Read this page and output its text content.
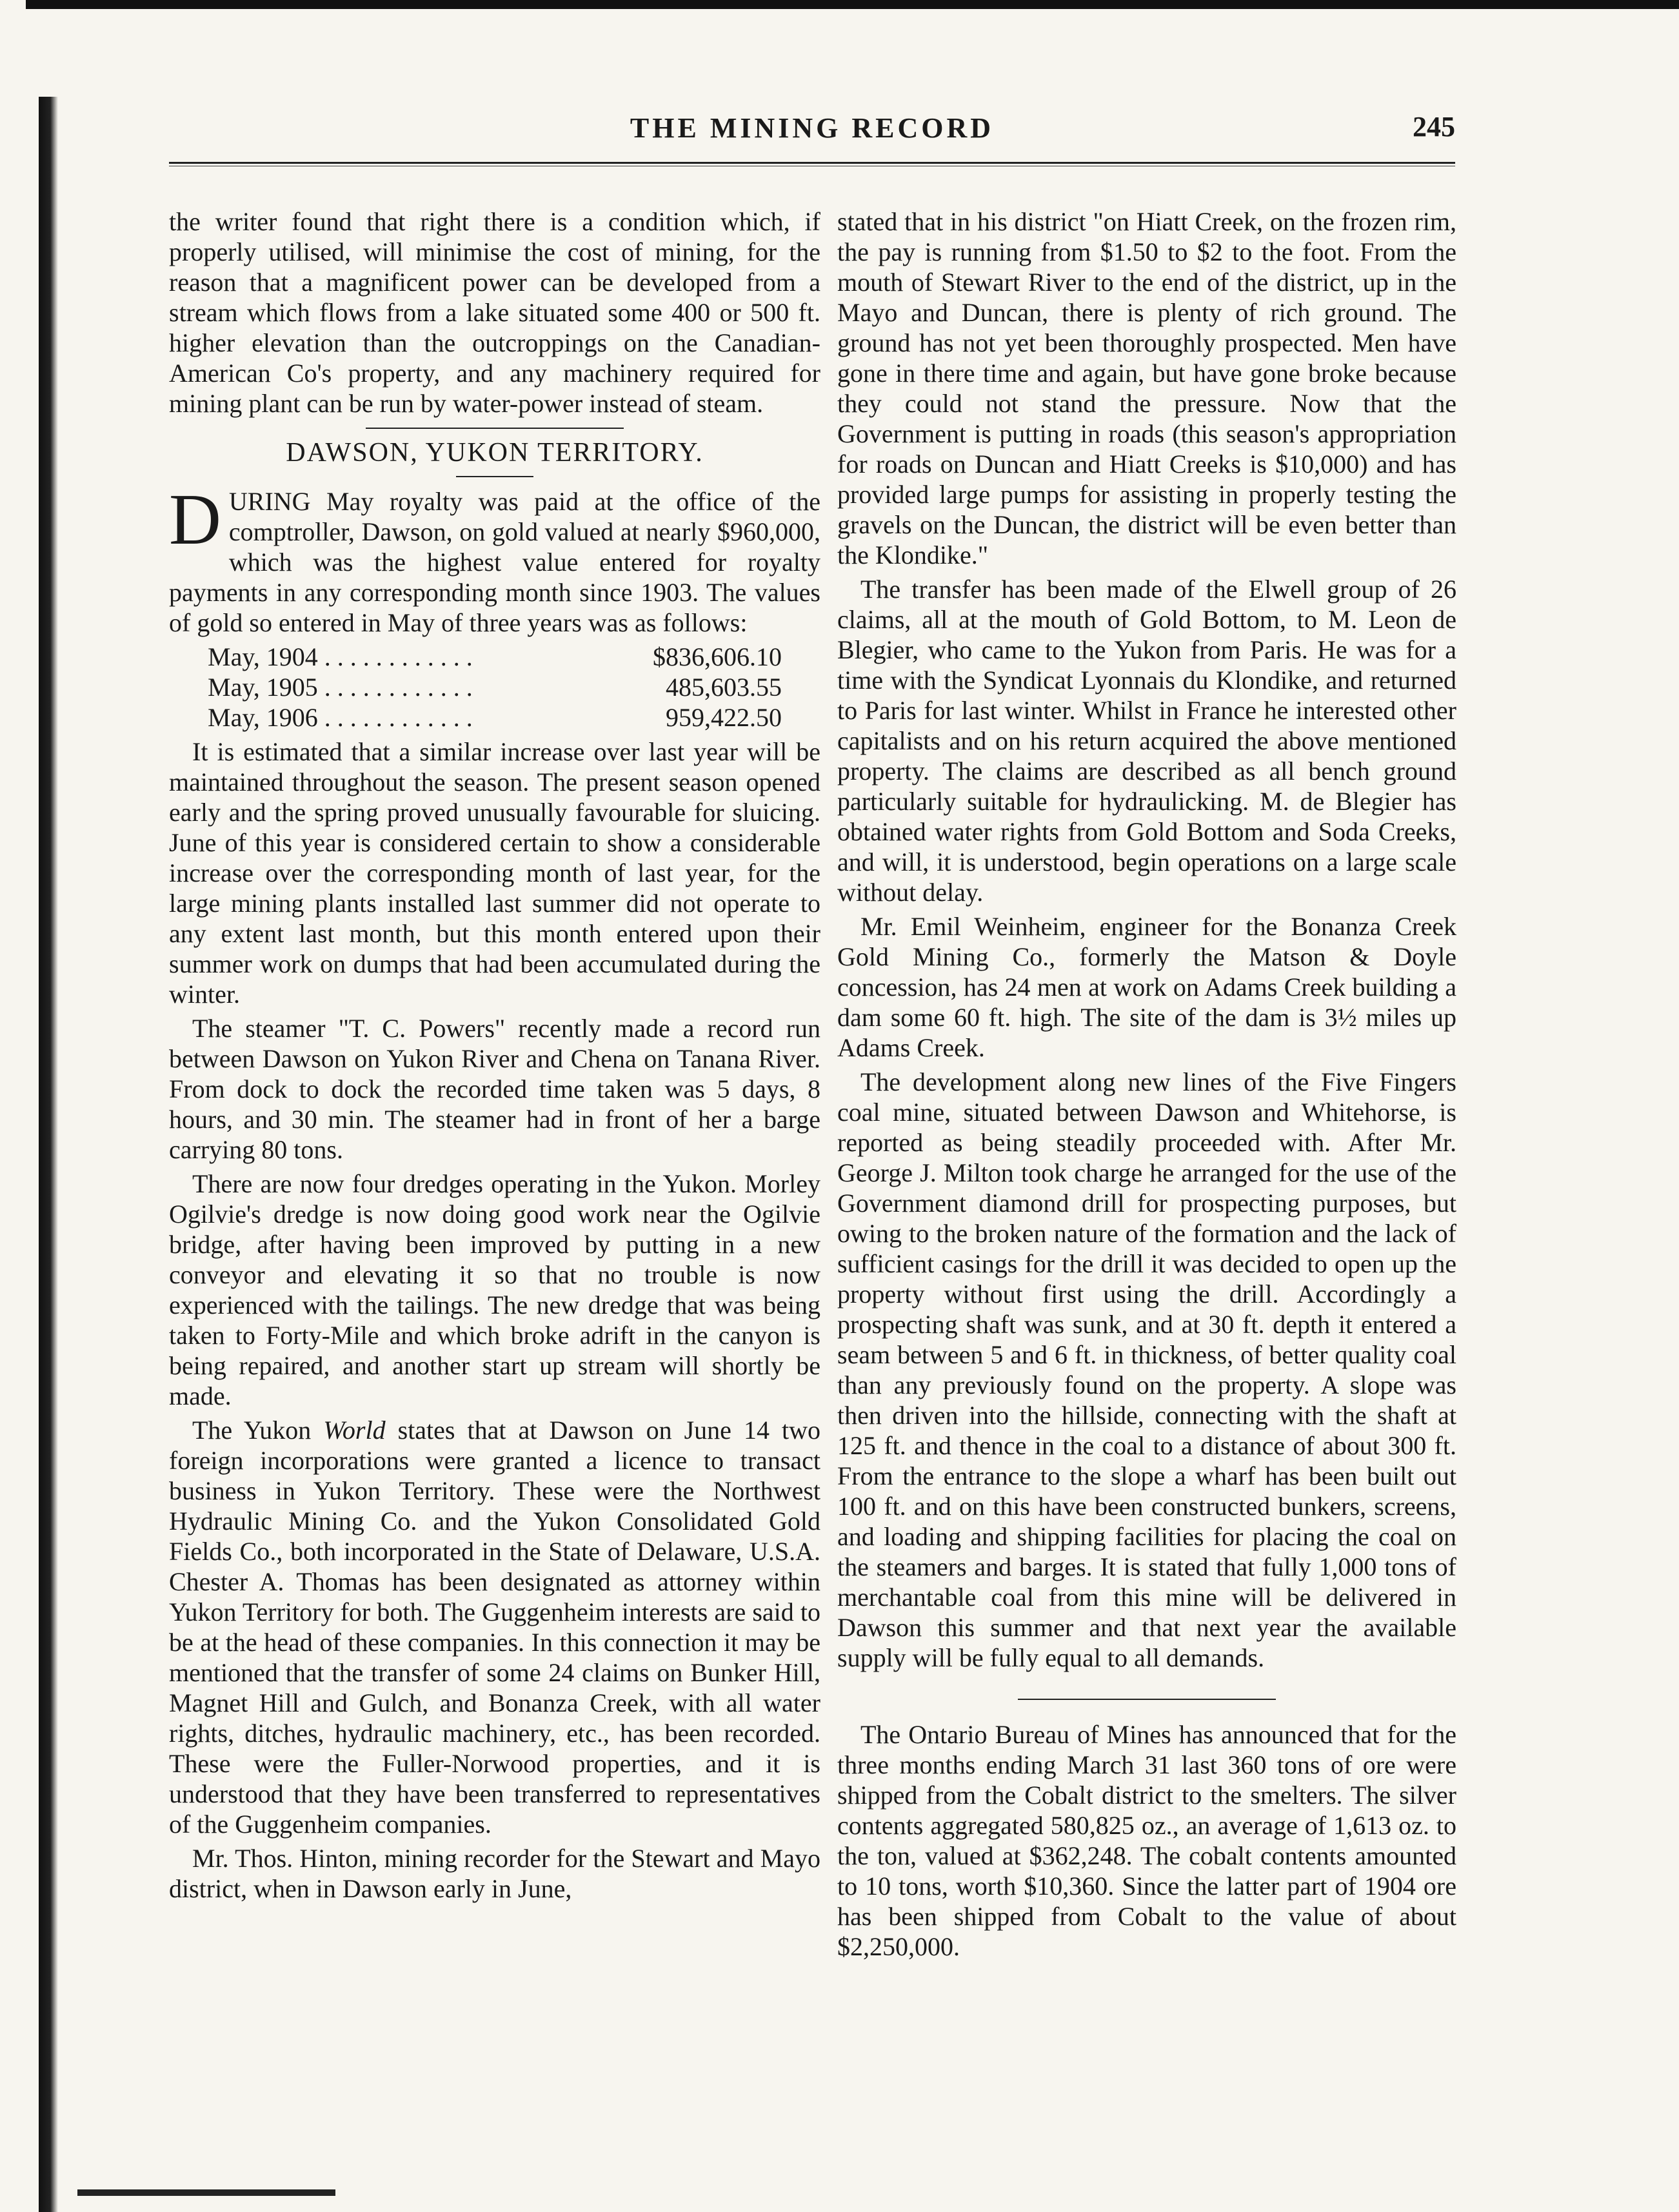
THE MINING RECORD	245

the writer found that right there is a condition which, if properly utilised, will minimise the cost of mining, for the reason that a magnificent power can be developed from a stream which flows from a lake situated some 400 or 500 ft. higher elevation than the outcroppings on the Canadian-American Co's property, and any machinery required for mining plant can be run by water-power instead of steam.

DAWSON, YUKON TERRITORY.

DURING May royalty was paid at the office of the comptroller, Dawson, on gold valued at nearly $960,000, which was the highest value entered for royalty payments in any corresponding month since 1903. The values of gold so entered in May of three years was as follows:

May, 1904 . . . . . . . . . . . .	$836,606.10
May, 1905 . . . . . . . . . . . .	485,603.55
May, 1906 . . . . . . . . . . . .	959,422.50

It is estimated that a similar increase over last year will be maintained throughout the season. The present season opened early and the spring proved unusually favourable for sluicing. June of this year is considered certain to show a considerable increase over the corresponding month of last year, for the large mining plants installed last summer did not operate to any extent last month, but this month entered upon their summer work on dumps that had been accumulated during the winter.

The steamer "T. C. Powers" recently made a record run between Dawson on Yukon River and Chena on Tanana River. From dock to dock the recorded time taken was 5 days, 8 hours, and 30 min. The steamer had in front of her a barge carrying 80 tons.

There are now four dredges operating in the Yukon. Morley Ogilvie's dredge is now doing good work near the Ogilvie bridge, after having been improved by putting in a new conveyor and elevating it so that no trouble is now experienced with the tailings. The new dredge that was being taken to Forty-Mile and which broke adrift in the canyon is being repaired, and another start up stream will shortly be made.

The Yukon World states that at Dawson on June 14 two foreign incorporations were granted a licence to transact business in Yukon Territory. These were the Northwest Hydraulic Mining Co. and the Yukon Consolidated Gold Fields Co., both incorporated in the State of Delaware, U.S.A. Chester A. Thomas has been designated as attorney within Yukon Territory for both. The Guggenheim interests are said to be at the head of these companies. In this connection it may be mentioned that the transfer of some 24 claims on Bunker Hill, Magnet Hill and Gulch, and Bonanza Creek, with all water rights, ditches, hydraulic machinery, etc., has been recorded. These were the Fuller-Norwood properties, and it is understood that they have been transferred to representatives of the Guggenheim companies.

Mr. Thos. Hinton, mining recorder for the Stewart and Mayo district, when in Dawson early in June,

stated that in his district "on Hiatt Creek, on the frozen rim, the pay is running from $1.50 to $2 to the foot. From the mouth of Stewart River to the end of the district, up in the Mayo and Duncan, there is plenty of rich ground. The ground has not yet been thoroughly prospected. Men have gone in there time and again, but have gone broke because they could not stand the pressure. Now that the Government is putting in roads (this season's appropriation for roads on Duncan and Hiatt Creeks is $10,000) and has provided large pumps for assisting in properly testing the gravels on the Duncan, the district will be even better than the Klondike."

The transfer has been made of the Elwell group of 26 claims, all at the mouth of Gold Bottom, to M. Leon de Blegier, who came to the Yukon from Paris. He was for a time with the Syndicat Lyonnais du Klondike, and returned to Paris for last winter. Whilst in France he interested other capitalists and on his return acquired the above mentioned property. The claims are described as all bench ground particularly suitable for hydraulicking. M. de Blegier has obtained water rights from Gold Bottom and Soda Creeks, and will, it is understood, begin operations on a large scale without delay.

Mr. Emil Weinheim, engineer for the Bonanza Creek Gold Mining Co., formerly the Matson & Doyle concession, has 24 men at work on Adams Creek building a dam some 60 ft. high. The site of the dam is 3½ miles up Adams Creek.

The development along new lines of the Five Fingers coal mine, situated between Dawson and Whitehorse, is reported as being steadily proceeded with. After Mr. George J. Milton took charge he arranged for the use of the Government diamond drill for prospecting purposes, but owing to the broken nature of the formation and the lack of sufficient casings for the drill it was decided to open up the property without first using the drill. Accordingly a prospecting shaft was sunk, and at 30 ft. depth it entered a seam between 5 and 6 ft. in thickness, of better quality coal than any previously found on the property. A slope was then driven into the hillside, connecting with the shaft at 125 ft. and thence in the coal to a distance of about 300 ft. From the entrance to the slope a wharf has been built out 100 ft. and on this have been constructed bunkers, screens, and loading and shipping facilities for placing the coal on the steamers and barges. It is stated that fully 1,000 tons of merchantable coal from this mine will be delivered in Dawson this summer and that next year the available supply will be fully equal to all demands.

The Ontario Bureau of Mines has announced that for the three months ending March 31 last 360 tons of ore were shipped from the Cobalt district to the smelters. The silver contents aggregated 580,825 oz., an average of 1,613 oz. to the ton, valued at $362,248. The cobalt contents amounted to 10 tons, worth $10,360. Since the latter part of 1904 ore has been shipped from Cobalt to the value of about $2,250,000.
